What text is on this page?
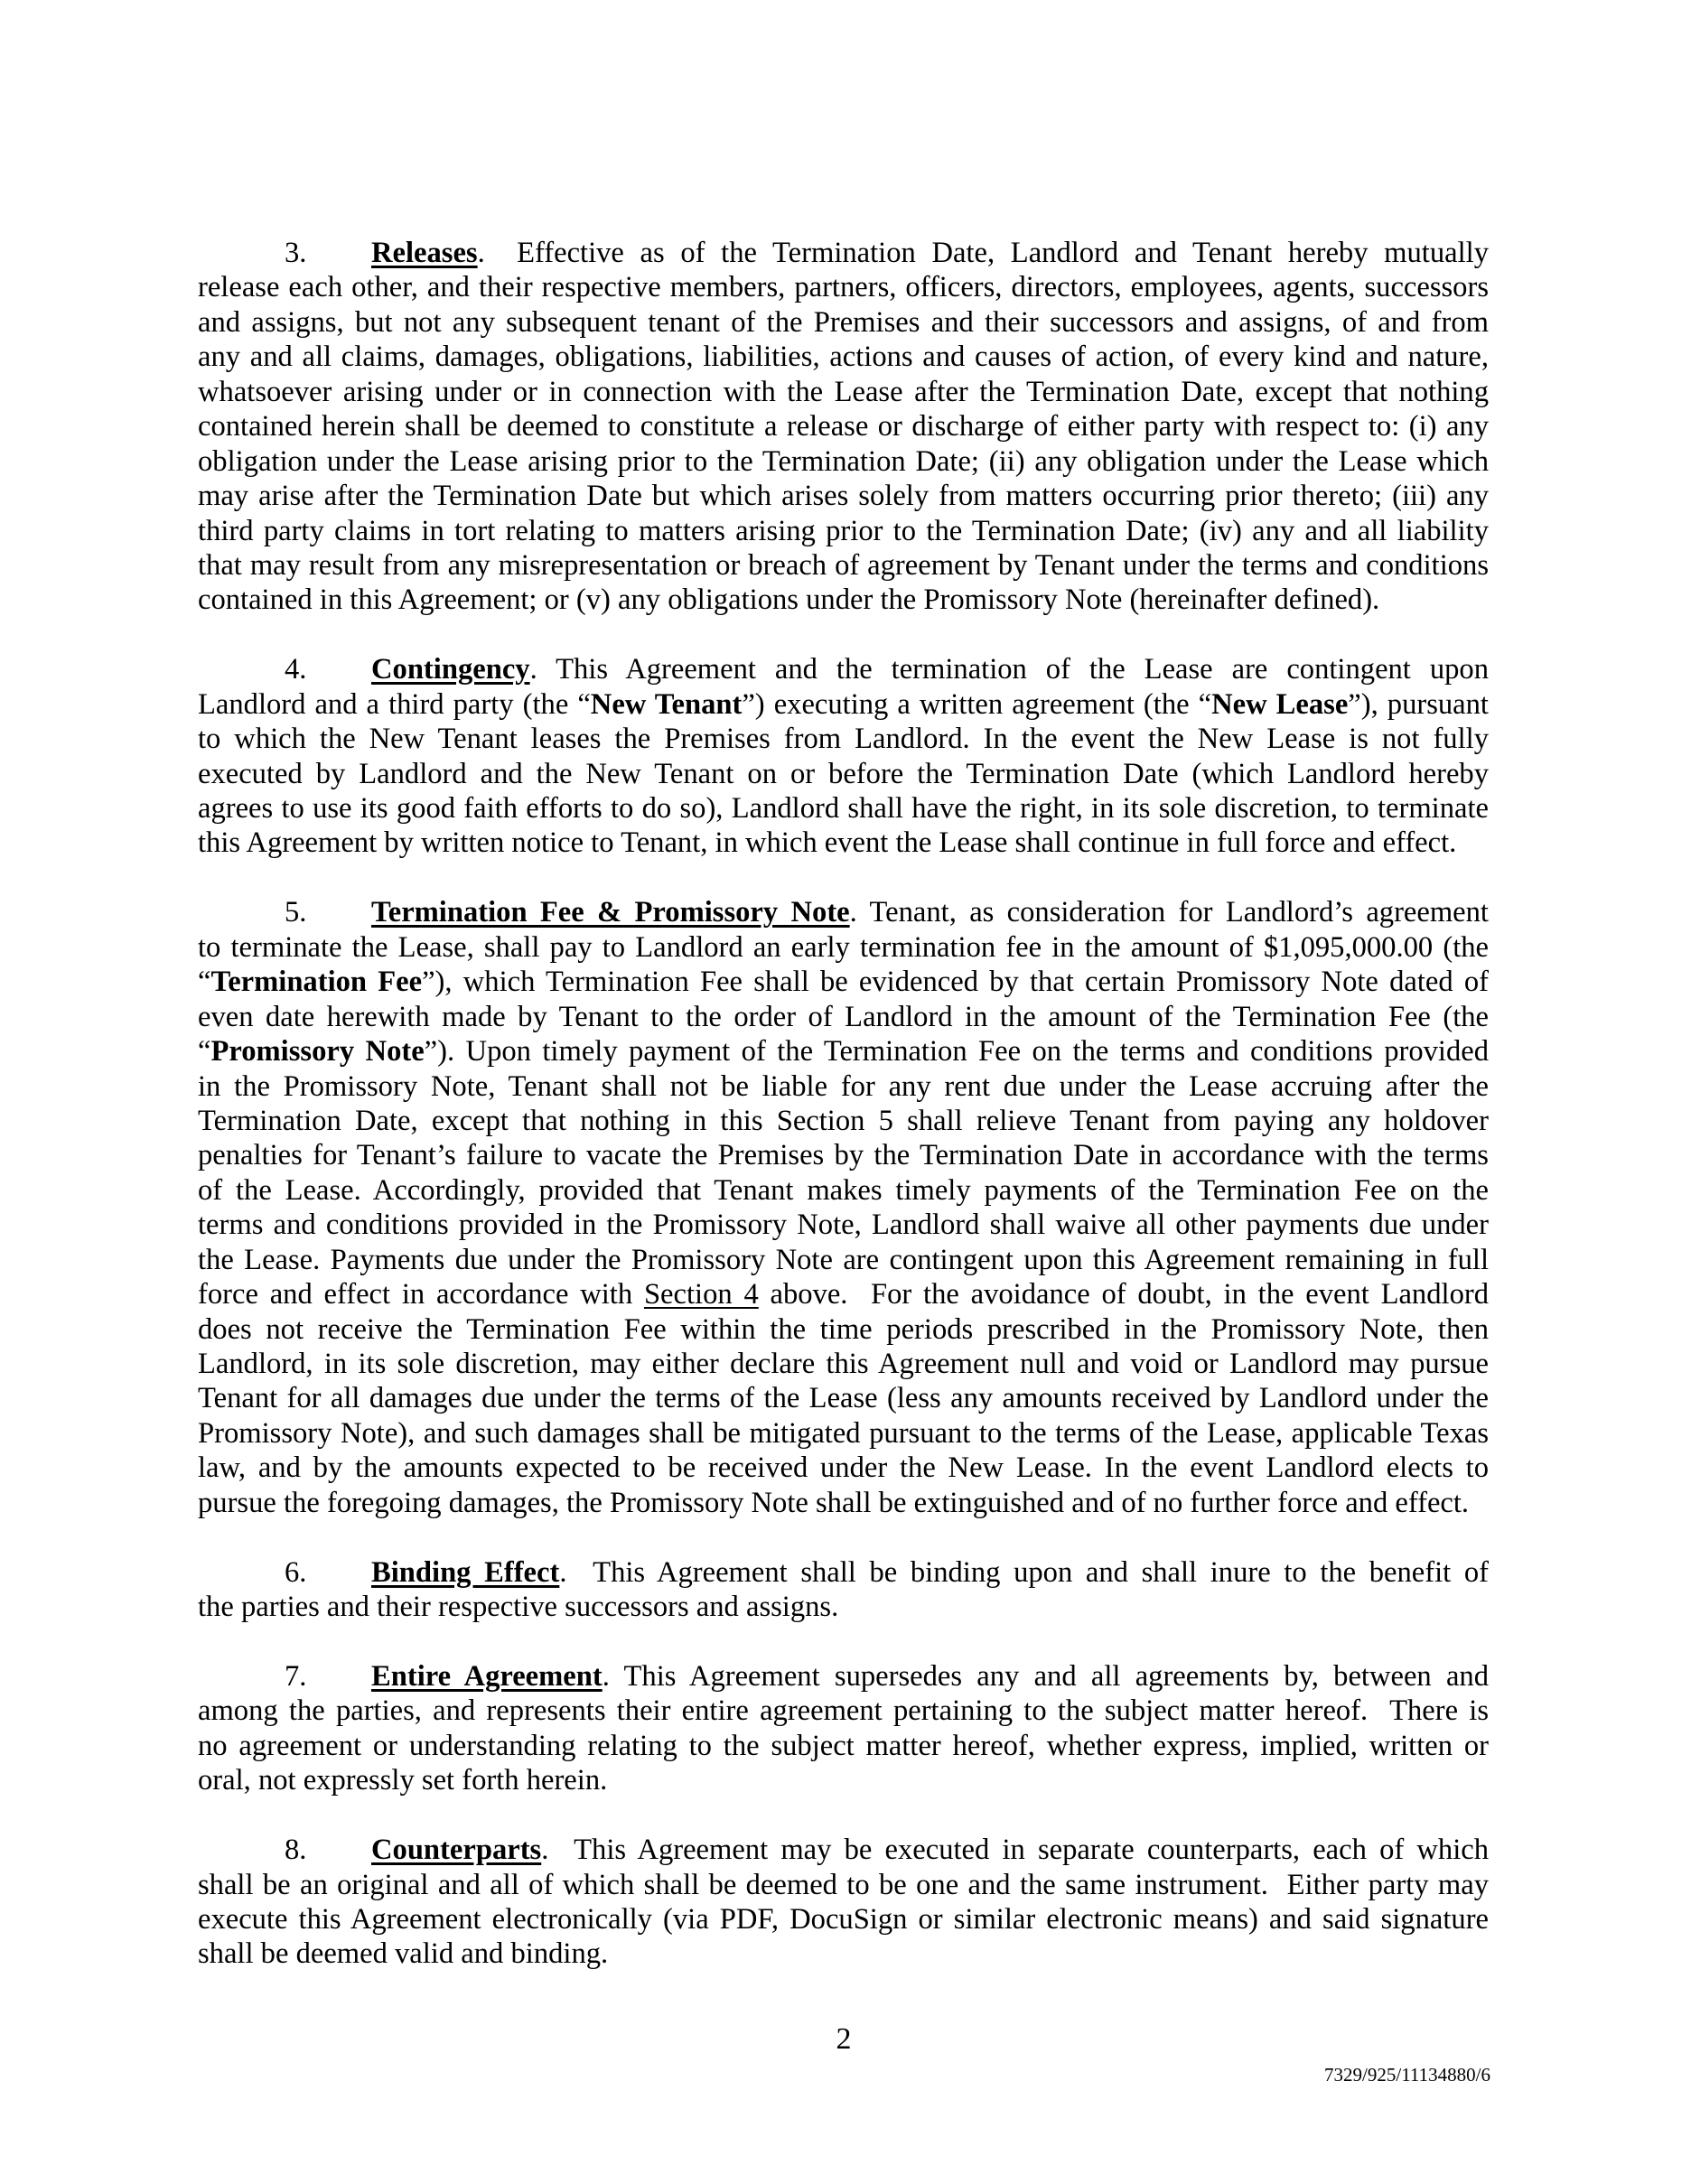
3. Releases.  Effective as of the Termination Date, Landlord and Tenant hereby mutually
release each other, and their respective members, partners, officers, directors, employees, agents, successors
and assigns, but not any subsequent tenant of the Premises and their successors and assigns, of and from
any and all claims, damages, obligations, liabilities, actions and causes of action, of every kind and nature,
whatsoever arising under or in connection with the Lease after the Termination Date, except that nothing
contained herein shall be deemed to constitute a release or discharge of either party with respect to: (i) any
obligation under the Lease arising prior to the Termination Date; (ii) any obligation under the Lease which
may arise after the Termination Date but which arises solely from matters occurring prior thereto; (iii) any
third party claims in tort relating to matters arising prior to the Termination Date; (iv) any and all liability
that may result from any misrepresentation or breach of agreement by Tenant under the terms and conditions
contained in this Agreement; or (v) any obligations under the Promissory Note (hereinafter defined).
4. Contingency. This Agreement and the termination of the Lease are contingent upon
Landlord and a third party (the “New Tenant”) executing a written agreement (the “New Lease”), pursuant
to which the New Tenant leases the Premises from Landlord. In the event the New Lease is not fully
executed by Landlord and the New Tenant on or before the Termination Date (which Landlord hereby
agrees to use its good faith efforts to do so), Landlord shall have the right, in its sole discretion, to terminate
this Agreement by written notice to Tenant, in which event the Lease shall continue in full force and effect.
5. Termination Fee & Promissory Note. Tenant, as consideration for Landlord’s agreement
to terminate the Lease, shall pay to Landlord an early termination fee in the amount of $1,095,000.00 (the
“Termination Fee”), which Termination Fee shall be evidenced by that certain Promissory Note dated of
even date herewith made by Tenant to the order of Landlord in the amount of the Termination Fee (the
“Promissory Note”). Upon timely payment of the Termination Fee on the terms and conditions provided
in the Promissory Note, Tenant shall not be liable for any rent due under the Lease accruing after the
Termination Date, except that nothing in this Section 5 shall relieve Tenant from paying any holdover
penalties for Tenant’s failure to vacate the Premises by the Termination Date in accordance with the terms
of the Lease. Accordingly, provided that Tenant makes timely payments of the Termination Fee on the
terms and conditions provided in the Promissory Note, Landlord shall waive all other payments due under
the Lease. Payments due under the Promissory Note are contingent upon this Agreement remaining in full
force and effect in accordance with Section 4 above.  For the avoidance of doubt, in the event Landlord
does not receive the Termination Fee within the time periods prescribed in the Promissory Note, then
Landlord, in its sole discretion, may either declare this Agreement null and void or Landlord may pursue
Tenant for all damages due under the terms of the Lease (less any amounts received by Landlord under the
Promissory Note), and such damages shall be mitigated pursuant to the terms of the Lease, applicable Texas
law, and by the amounts expected to be received under the New Lease. In the event Landlord elects to
pursue the foregoing damages, the Promissory Note shall be extinguished and of no further force and effect.
6. Binding Effect.  This Agreement shall be binding upon and shall inure to the benefit of
the parties and their respective successors and assigns.
7. Entire Agreement. This Agreement supersedes any and all agreements by, between and
among the parties, and represents their entire agreement pertaining to the subject matter hereof.  There is
no agreement or understanding relating to the subject matter hereof, whether express, implied, written or
oral, not expressly set forth herein.
8. Counterparts.  This Agreement may be executed in separate counterparts, each of which
shall be an original and all of which shall be deemed to be one and the same instrument.  Either party may
execute this Agreement electronically (via PDF, DocuSign or similar electronic means) and said signature
shall be deemed valid and binding.
2
7329/925/11134880/6
